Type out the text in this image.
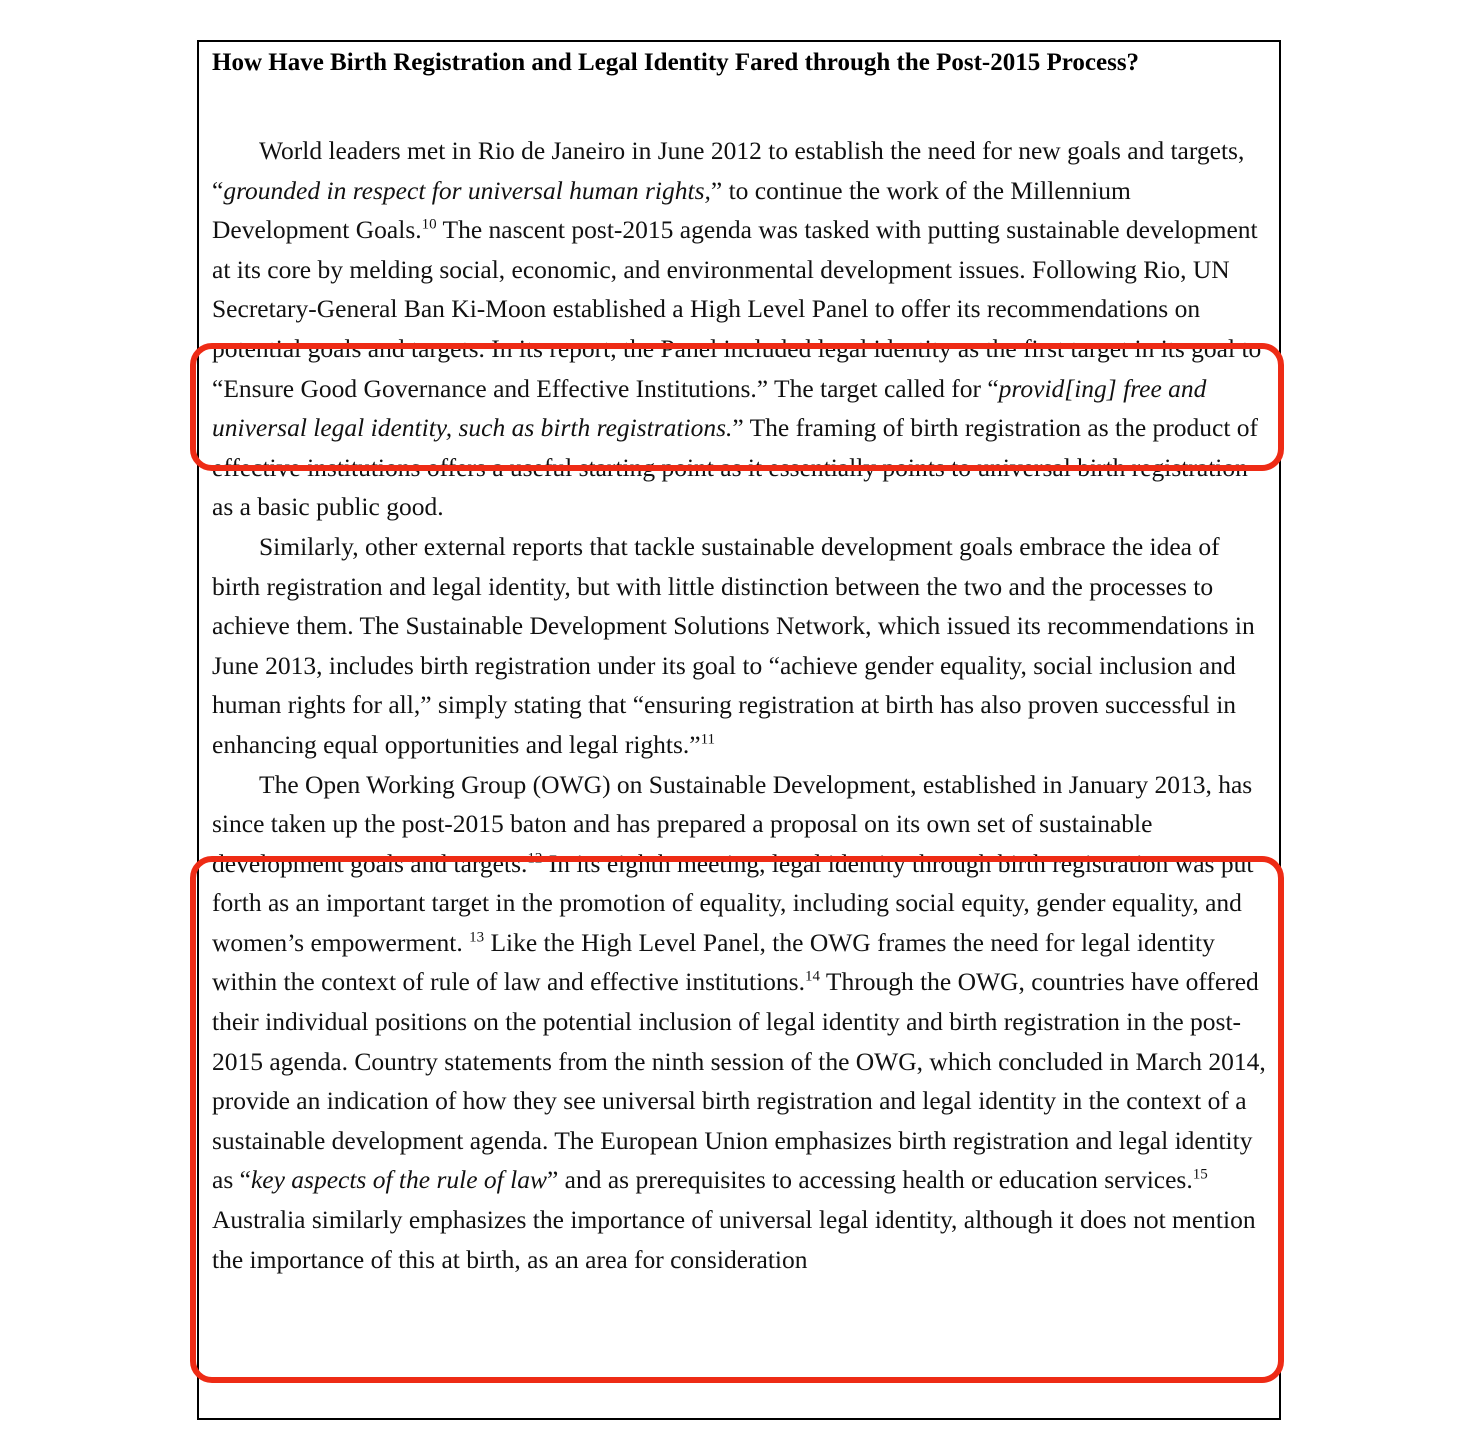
How Have Birth Registration and Legal Identity Fared through the Post-2015 Process?

World leaders met in Rio de Janeiro in June 2012 to establish the need for new goals and targets, “grounded in respect for universal human rights,” to continue the work of the Millennium Development Goals.$^{10}$ The nascent post-2015 agenda was tasked with putting sustainable development at its core by melding social, economic, and environmental development issues. Following Rio, UN Secretary-General Ban Ki-Moon established a High Level Panel to offer its recommendations on potential goals and targets. In its report, the Panel included legal identity as the first target in its goal to “Ensure Good Governance and Effective Institutions.” The target called for “provid[ing] free and universal legal identity, such as birth registrations.” The framing of birth registration as the product of effective institutions offers a useful starting point as it essentially points to universal birth registration as a basic public good.

Similarly, other external reports that tackle sustainable development goals embrace the idea of birth registration and legal identity, but with little distinction between the two and the processes to achieve them. The Sustainable Development Solutions Network, which issued its recommendations in June 2013, includes birth registration under its goal to “achieve gender equality, social inclusion and human rights for all,” simply stating that “ensuring registration at birth has also proven successful in enhancing equal opportunities and legal rights.”$^{11}$

The Open Working Group (OWG) on Sustainable Development, established in January 2013, has since taken up the post-2015 baton and has prepared a proposal on its own set of sustainable development goals and targets.$^{12}$ In its eighth meeting, legal identity through birth registration was put forth as an important target in the promotion of equality, including social equity, gender equality, and women’s empowerment. $^{13}$ Like the High Level Panel, the OWG frames the need for legal identity within the context of rule of law and effective institutions.$^{14}$ Through the OWG, countries have offered their individual positions on the potential inclusion of legal identity and birth registration in the post-2015 agenda. Country statements from the ninth session of the OWG, which concluded in March 2014, provide an indication of how they see universal birth registration and legal identity in the context of a sustainable development agenda. The European Union emphasizes birth registration and legal identity as “key aspects of the rule of law” and as prerequisites to accessing health or education services.$^{15}$ Australia similarly emphasizes the importance of universal legal identity, although it does not mention the importance of this at birth, as an area for consideration
